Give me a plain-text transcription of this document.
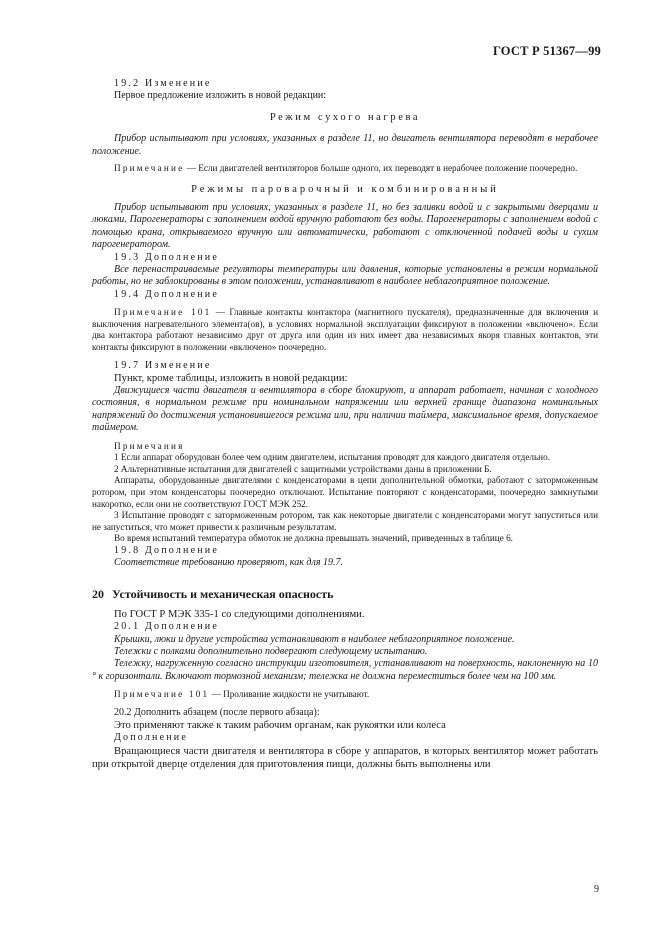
ГОСТ Р 51367—99

19.2 Изменение

Первое предложение изложить в новой редакции:

Режим сухого нагрева

Прибор испытывают при условиях, указанных в разделе 11, но двигатель вентилятора переводят в нерабочее положение.

Примечание — Если двигателей вентиляторов больше одного, их переводят в нерабочее положение поочередно.

Режимы пароварочный и комбинированный

Прибор испытывают при условиях, указанных в разделе 11, но без заливки водой и с закрытыми дверцами и люками. Парогенераторы с заполнением водой вручную работают без воды. Парогенераторы с заполнением водой с помощью крана, открываемого вручную или автоматически, работают с отключенной подачей воды и сухим парогенератором.

19.3 Дополнение

Все перенастраиваемые регуляторы температуры или давления, которые установлены в режим нормальной работы, но не заблокированы в этом положении, устанавливают в наиболее неблагоприятное положение.

19.4 Дополнение

Примечание 101 — Главные контакты контактора (магнитного пускателя), предназначенные для включения и выключения нагревательного элемента(ов), в условиях нормальной эксплуатации фиксируют в положении «включено». Если два контактора работают независимо друг от друга или один из них имеет два независимых якоря главных контактов, эти контакты фиксируют в положении «включено» поочередно.

19.7 Изменение

Пункт, кроме таблицы, изложить в новой редакции:

Движущиеся части двигателя и вентилятора в сборе блокируют, и аппарат работает, начиная с холодного состояния, в нормальном режиме при номинальном напряжении или верхней границе диапазона номинальных напряжений до достижения установившегося режима или, при наличии таймера, максимальное время, допускаемое таймером.

Примечания

1 Если аппарат оборудован более чем одним двигателем, испытания проводят для каждого двигателя отдельно.

2 Альтернативные испытания для двигателей с защитными устройствами даны в приложении Б.

Аппараты, оборудованные двигателями с конденсаторами в цепи дополнительной обмотки, работают с заторможенным ротором, при этом конденсаторы поочередно отключают. Испытание повторяют с конденсаторами, поочередно замкнутыми накоротко, если они не соответствуют ГОСТ МЭК 252.

3 Испытание проводят с заторможенным ротором, так как некоторые двигатели с конденсаторами могут запуститься или не запуститься, что может привести к различным результатам.

Во время испытаний температура обмоток не должна превышать значений, приведенных в таблице 6.

19.8 Дополнение

Соответствие требованию проверяют, как для 19.7.

20 Устойчивость и механическая опасность

По ГОСТ Р МЭК 335-1 со следующими дополнениями.

20.1 Дополнение

Крышки, люки и другие устройства устанавливают в наиболее неблагоприятное положение.

Тележки с полками дополнительно подвергают следующему испытанию.

Тележку, нагруженную согласно инструкции изготовителя, устанавливают на поверхность, наклоненную на 10 ° к горизонтали. Включают тормозной механизм; тележка не должна переместиться более чем на 100 мм.

Примечание 101 — Проливание жидкости не учитывают.

20.2 Дополнить абзацем (после первого абзаца):

Это применяют также к таким рабочим органам, как рукоятки или колеса

Дополнение

Вращающиеся части двигателя и вентилятора в сборе у аппаратов, в которых вентилятор может работать при открытой дверце отделения для приготовления пищи, должны быть выполнены или

9
